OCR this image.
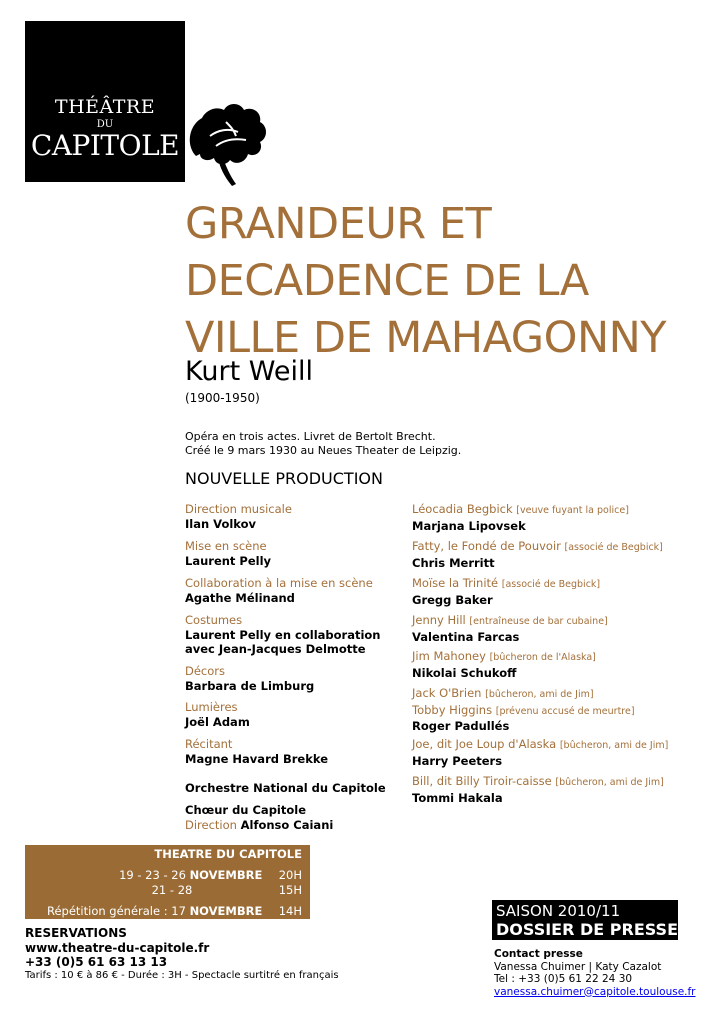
THÉÂTRE
DU
CAPITOLE
GRANDEUR ET
DECADENCE DE LA
VILLE DE MAHAGONNY
Kurt Weill
(1900-1950)
Opéra en trois actes. Livret de Bertolt Brecht.
Créé le 9 mars 1930 au Neues Theater de Leipzig.
NOUVELLE PRODUCTION
Direction musicale
Ilan Volkov
Mise en scène
Laurent Pelly
Collaboration à la mise en scène
Agathe Mélinand
Costumes
Laurent Pelly en collaboration
avec Jean-Jacques Delmotte
Décors
Barbara de Limburg
Lumières
Joël Adam
Récitant
Magne Havard Brekke
Orchestre National du Capitole
Chœur du Capitole
Direction Alfonso Caiani
Léocadia Begbick [veuve fuyant la police]
Marjana Lipovsek
Fatty, le Fondé de Pouvoir [associé de Begbick]
Chris Merritt
Moïse la Trinité [associé de Begbick]
Gregg Baker
Jenny Hill [entraîneuse de bar cubaine]
Valentina Farcas
Jim Mahoney [bûcheron de l'Alaska]
Nikolai Schukoff
Jack O'Brien [bûcheron, ami de Jim]
Tobby Higgins [prévenu accusé de meurtre]
Roger Padullés
Joe, dit Joe Loup d'Alaska [bûcheron, ami de Jim]
Harry Peeters
Bill, dit Billy Tiroir-caisse [bûcheron, ami de Jim]
Tommi Hakala
THEATRE DU CAPITOLE
19 - 23 - 26 NOVEMBRE 20H
21 - 28	15H
Répétition générale : 17 NOVEMBRE 14H
RESERVATIONS
www.theatre-du-capitole.fr
+33 (0)5 61 63 13 13
Tarifs : 10 € à 86 € - Durée : 3H - Spectacle surtitré en français
SAISON 2010/11
DOSSIER DE PRESSE
Contact presse
Vanessa Chuimer | Katy Cazalot
Tel : +33 (0)5 61 22 24 30
vanessa.chuimer@capitole.toulouse.fr
